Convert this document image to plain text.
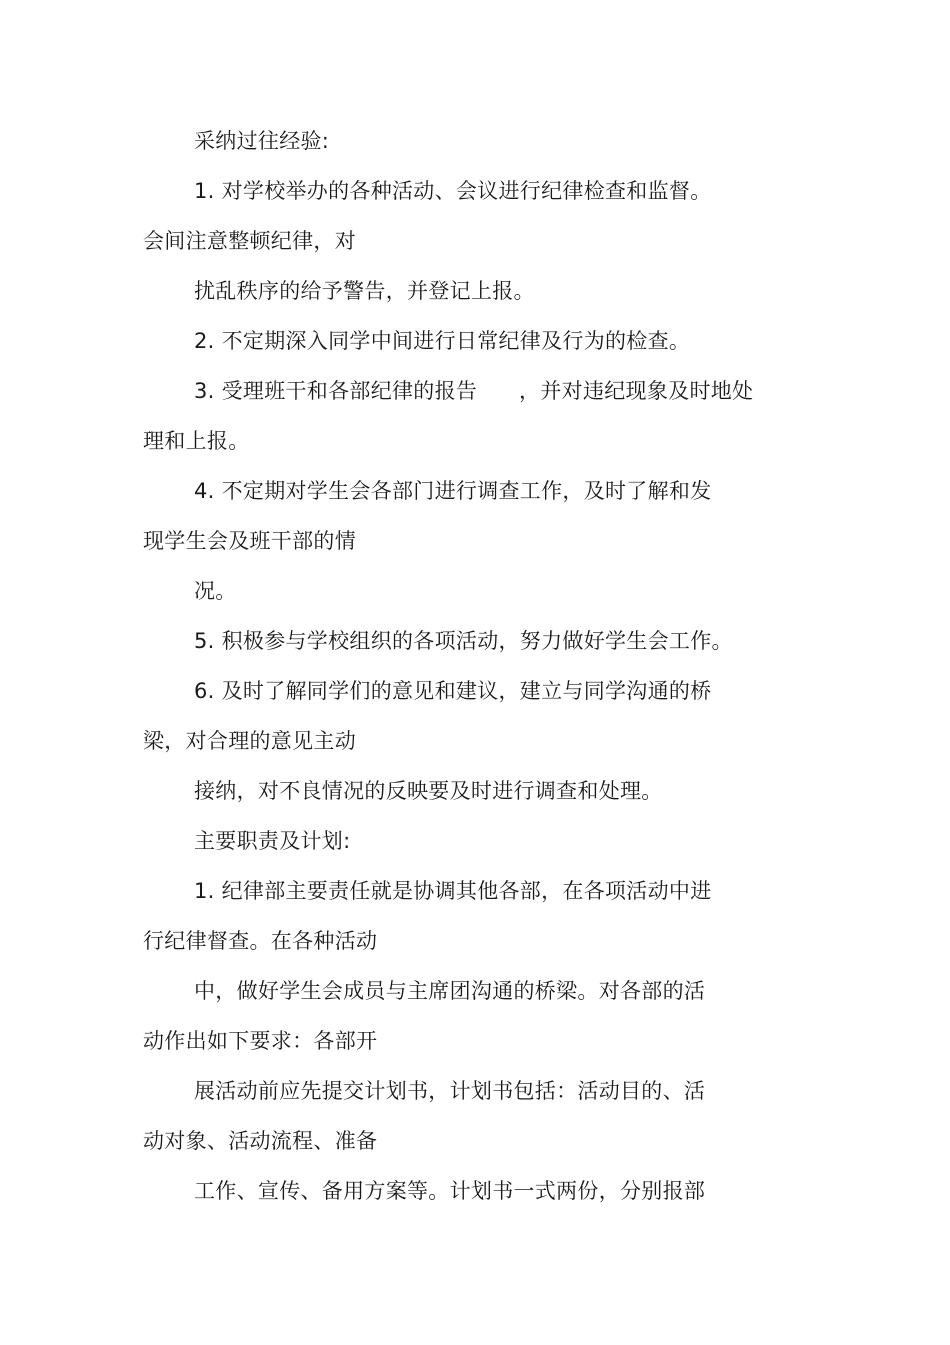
采纳过往经验:
1. 对学校举办的各种活动、会议进行纪律检查和监督。
会间注意整顿纪律，对
扰乱秩序的给予警告，并登记上报。
2. 不定期深入同学中间进行日常纪律及行为的检查。
3. 受理班干和各部纪律的报告      ，并对违纪现象及时地处
理和上报。
4. 不定期对学生会各部门进行调查工作，及时了解和发
现学生会及班干部的情
况。
5. 积极参与学校组织的各项活动，努力做好学生会工作。
6. 及时了解同学们的意见和建议，建立与同学沟通的桥
梁，对合理的意见主动
接纳，对不良情况的反映要及时进行调查和处理。
主要职责及计划:
1. 纪律部主要责任就是协调其他各部，在各项活动中进
行纪律督查。在各种活动
中，做好学生会成员与主席团沟通的桥梁。对各部的活
动作出如下要求：各部开
展活动前应先提交计划书，计划书包括：活动目的、活
动对象、活动流程、准备
工作、宣传、备用方案等。计划书一式两份，分别报部
